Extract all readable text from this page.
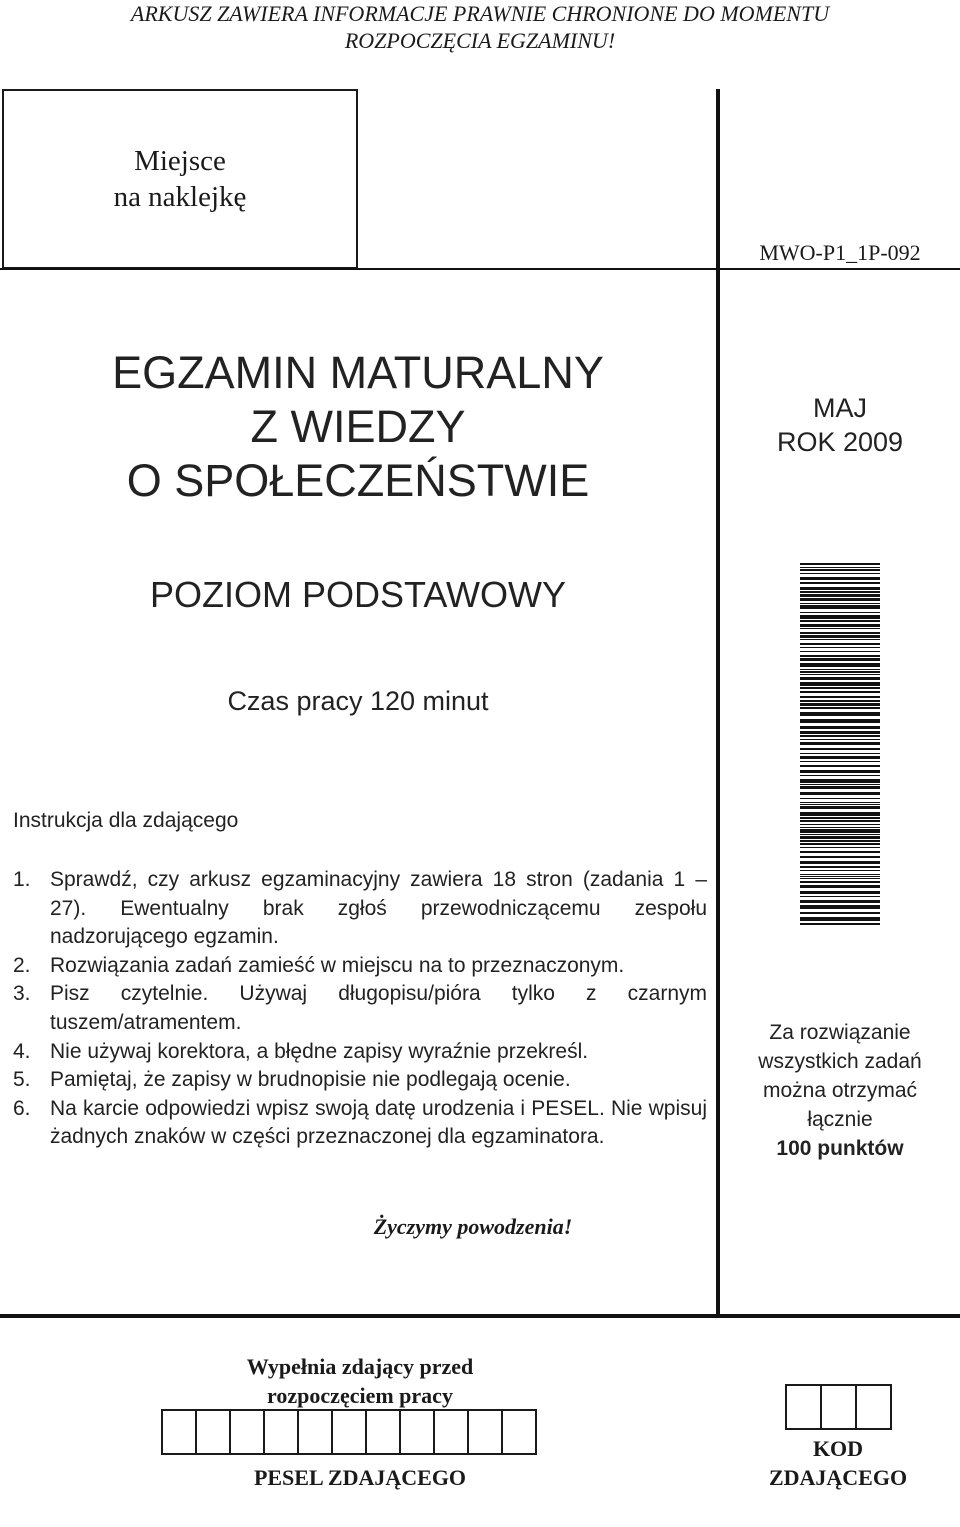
ARKUSZ ZAWIERA INFORMACJE PRAWNIE CHRONIONE DO MOMENTU
ROZPOCZĘCIA EGZAMINU!
Miejsce
na naklejkę
MWO-P1_1P-092
EGZAMIN MATURALNY
Z WIEDZY
O SPOŁECZEŃSTWIE
MAJ
ROK 2009
POZIOM PODSTAWOWY
Czas pracy 120 minut
Instrukcja dla zdającego
1. Sprawdź, czy arkusz egzaminacyjny zawiera 18 stron (zadania 1 – 27). Ewentualny brak zgłoś przewodniczącemu zespołu nadzorującego egzamin.
2. Rozwiązania zadań zamieść w miejscu na to przeznaczonym.
3. Pisz czytelnie. Używaj długopisu/pióra tylko z czarnym tuszem/atramentem.
4. Nie używaj korektora, a błędne zapisy wyraźnie przekreśl.
5. Pamiętaj, że zapisy w brudnopisie nie podlegają ocenie.
6. Na karcie odpowiedzi wpisz swoją datę urodzenia i PESEL. Nie wpisuj żadnych znaków w części przeznaczonej dla egzaminatora.
Za rozwiązanie
wszystkich zadań
można otrzymać
łącznie
100 punktów
Życzymy powodzenia!
Wypełnia zdający przed
rozpoczęciem pracy
PESEL ZDAJĄCEGO
KOD
ZDAJĄCEGO
